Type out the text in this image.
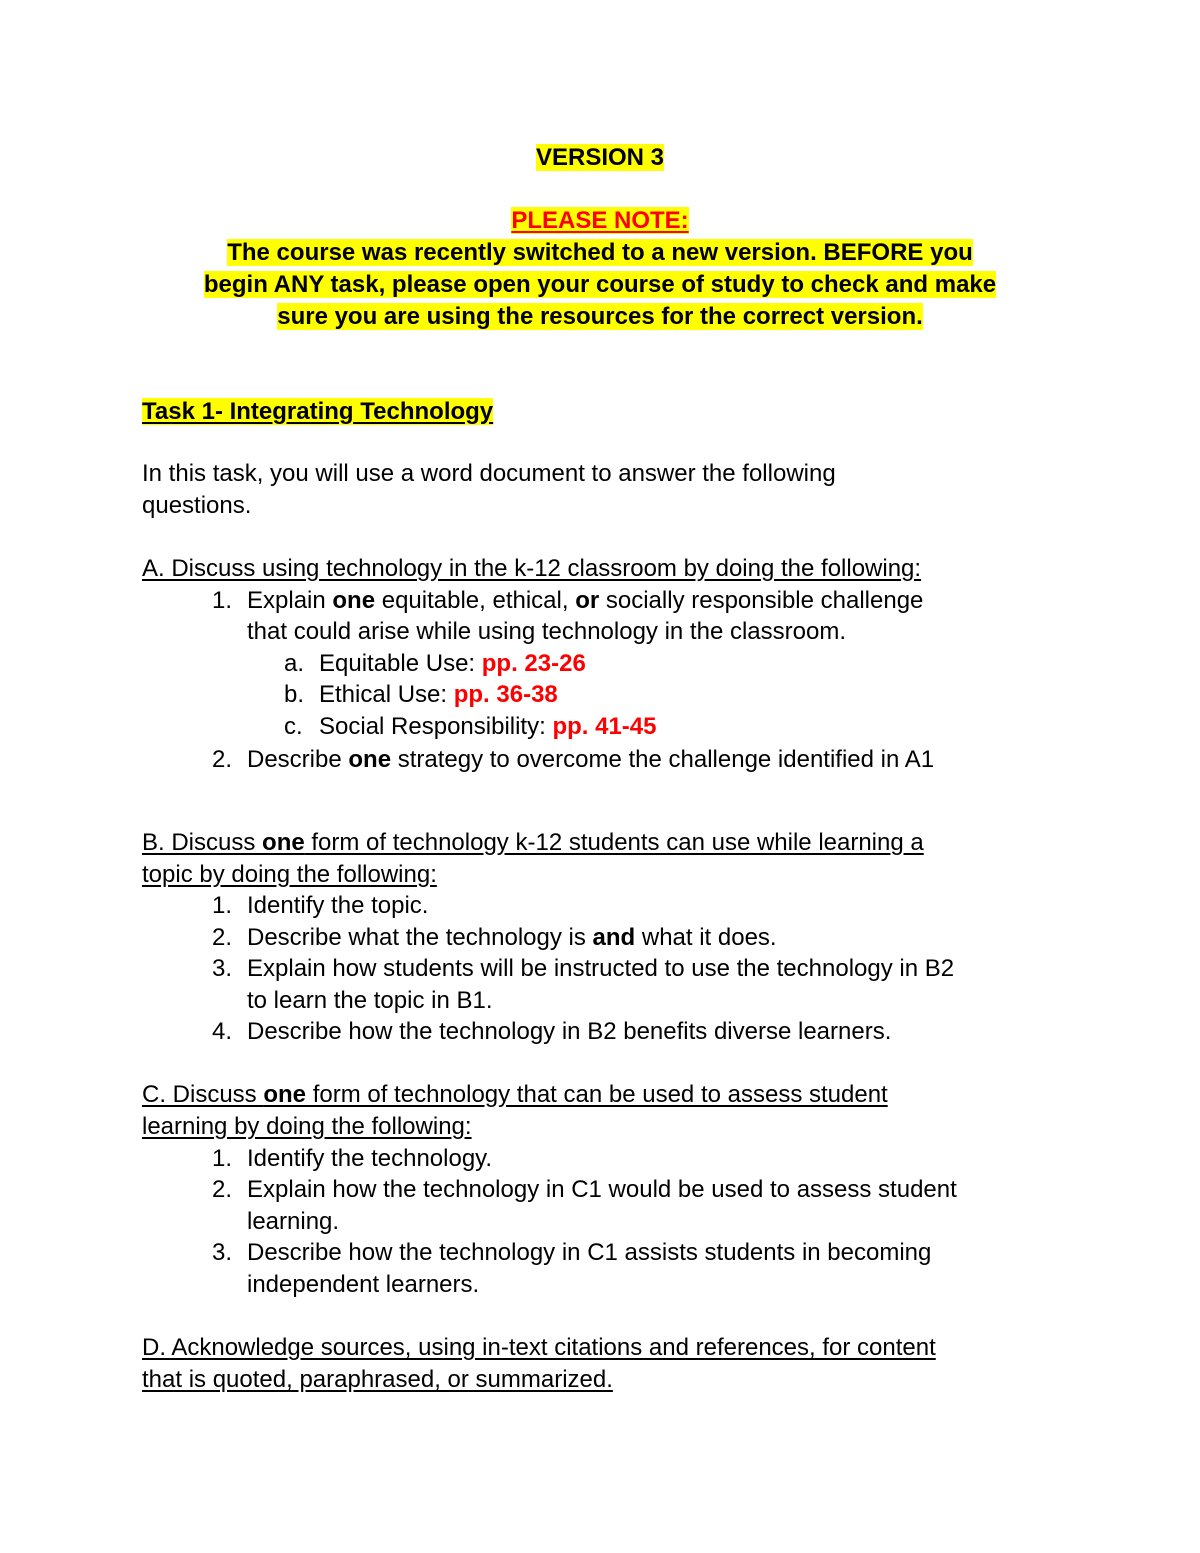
VERSION 3
PLEASE NOTE:
The course was recently switched to a new version. BEFORE you
begin ANY task, please open your course of study to check and make
sure you are using the resources for the correct version.
Task 1- Integrating Technology
In this task, you will use a word document to answer the following
questions.
A. Discuss using technology in the k-12 classroom by doing the following:
1. Explain one equitable, ethical, or socially responsible challenge
that could arise while using technology in the classroom.
a. Equitable Use: pp. 23-26
b. Ethical Use: pp. 36-38
c. Social Responsibility: pp. 41-45
2. Describe one strategy to overcome the challenge identified in A1
B. Discuss one form of technology k-12 students can use while learning a
topic by doing the following:
1. Identify the topic.
2. Describe what the technology is and what it does.
3. Explain how students will be instructed to use the technology in B2
to learn the topic in B1.
4. Describe how the technology in B2 benefits diverse learners.
C. Discuss one form of technology that can be used to assess student
learning by doing the following:
1. Identify the technology.
2. Explain how the technology in C1 would be used to assess student
learning.
3. Describe how the technology in C1 assists students in becoming
independent learners.
D. Acknowledge sources, using in-text citations and references, for content
that is quoted, paraphrased, or summarized.
